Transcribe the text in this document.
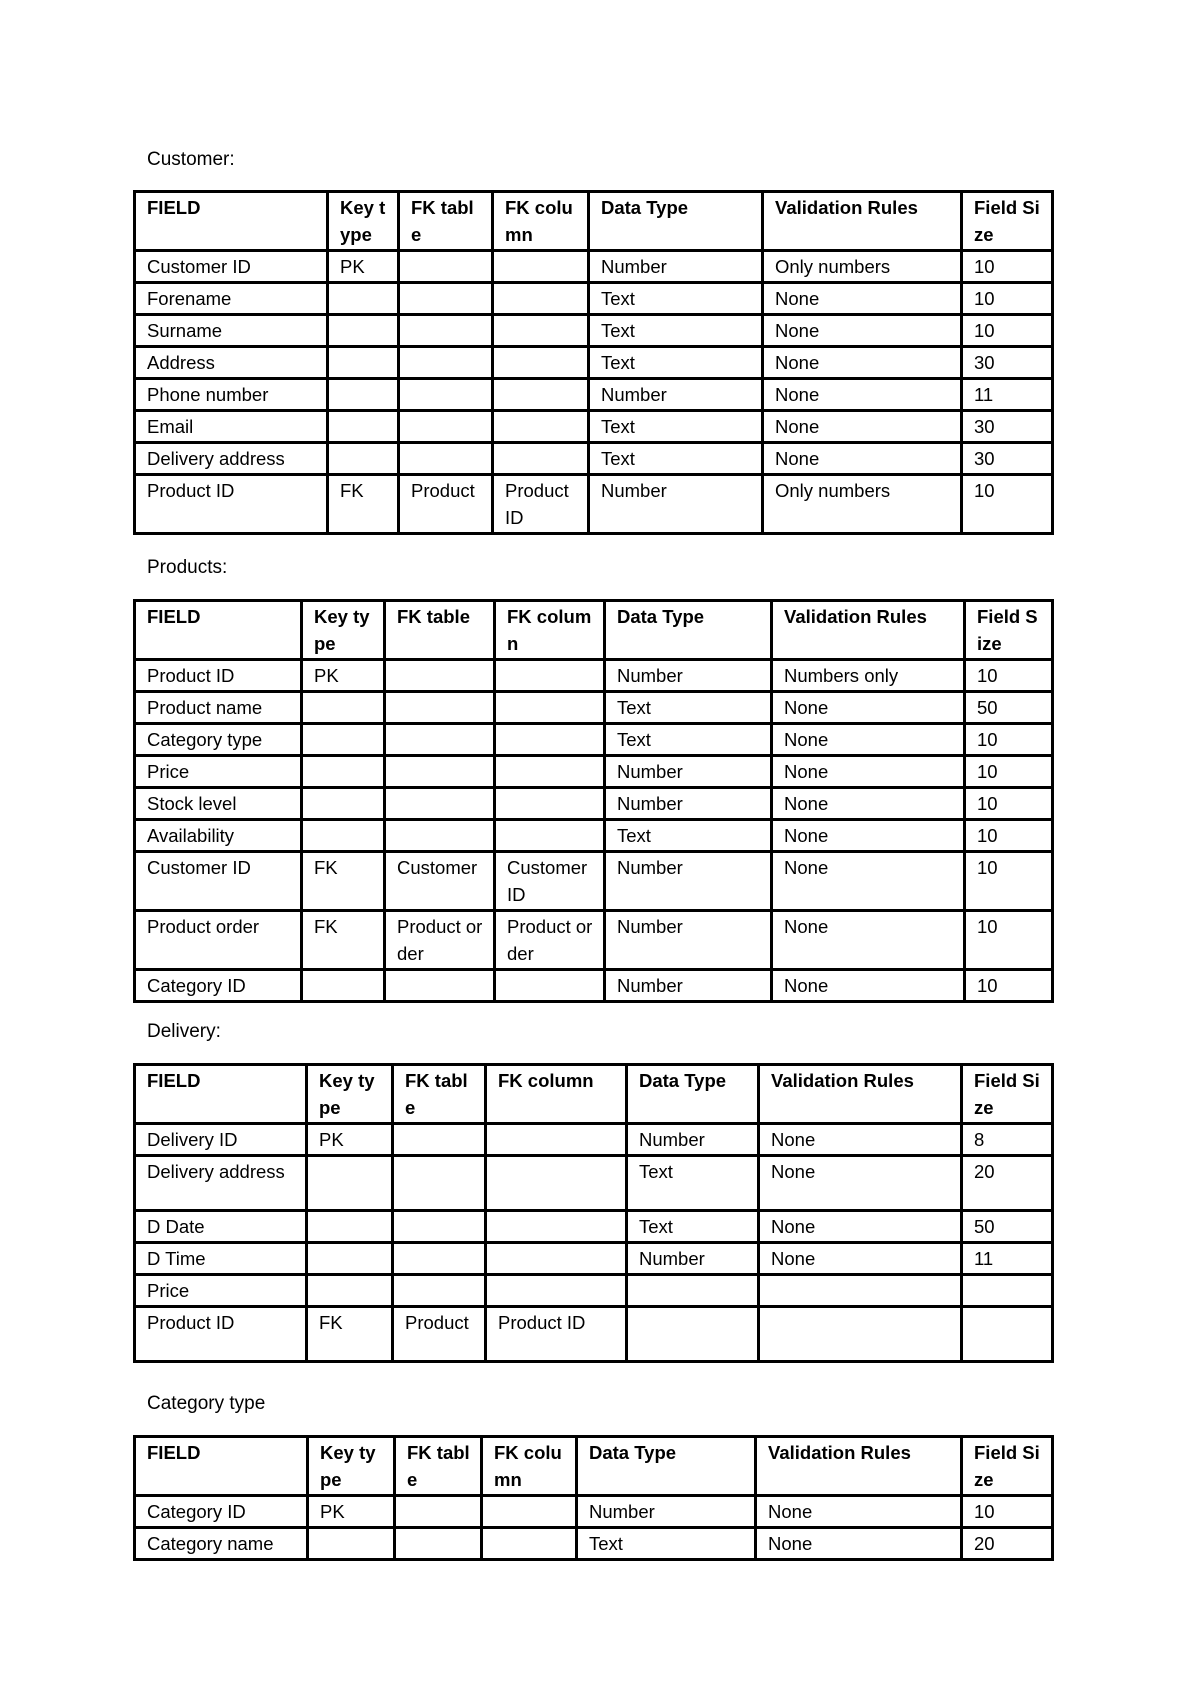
Customer:

FIELD	Key type	FK table	FK column	Data Type	Validation Rules	Field Size
Customer ID	PK			Number	Only numbers	10
Forename				Text	None	10
Surname				Text	None	10
Address				Text	None	30
Phone number				Number	None	11
Email				Text	None	30
Delivery address				Text	None	30
Product ID	FK	Product	Product ID	Number	Only numbers	10

Products:

FIELD	Key type	FK table	FK column	Data Type	Validation Rules	Field Size
Product ID	PK			Number	Numbers only	10
Product name				Text	None	50
Category type				Text	None	10
Price				Number	None	10
Stock level				Number	None	10
Availability				Text	None	10
Customer ID	FK	Customer	Customer ID	Number	None	10
Product order	FK	Product order	Product order	Number	None	10
Category ID				Number	None	10

Delivery:

FIELD	Key type	FK table	FK column	Data Type	Validation Rules	Field Size
Delivery ID	PK			Number	None	8
Delivery address				Text	None	20
D Date				Text	None	50
D Time				Number	None	11
Price						
Product ID	FK	Product	Product ID			

Category type

FIELD	Key type	FK table	FK column	Data Type	Validation Rules	Field Size
Category ID	PK			Number	None	10
Category name				Text	None	20
